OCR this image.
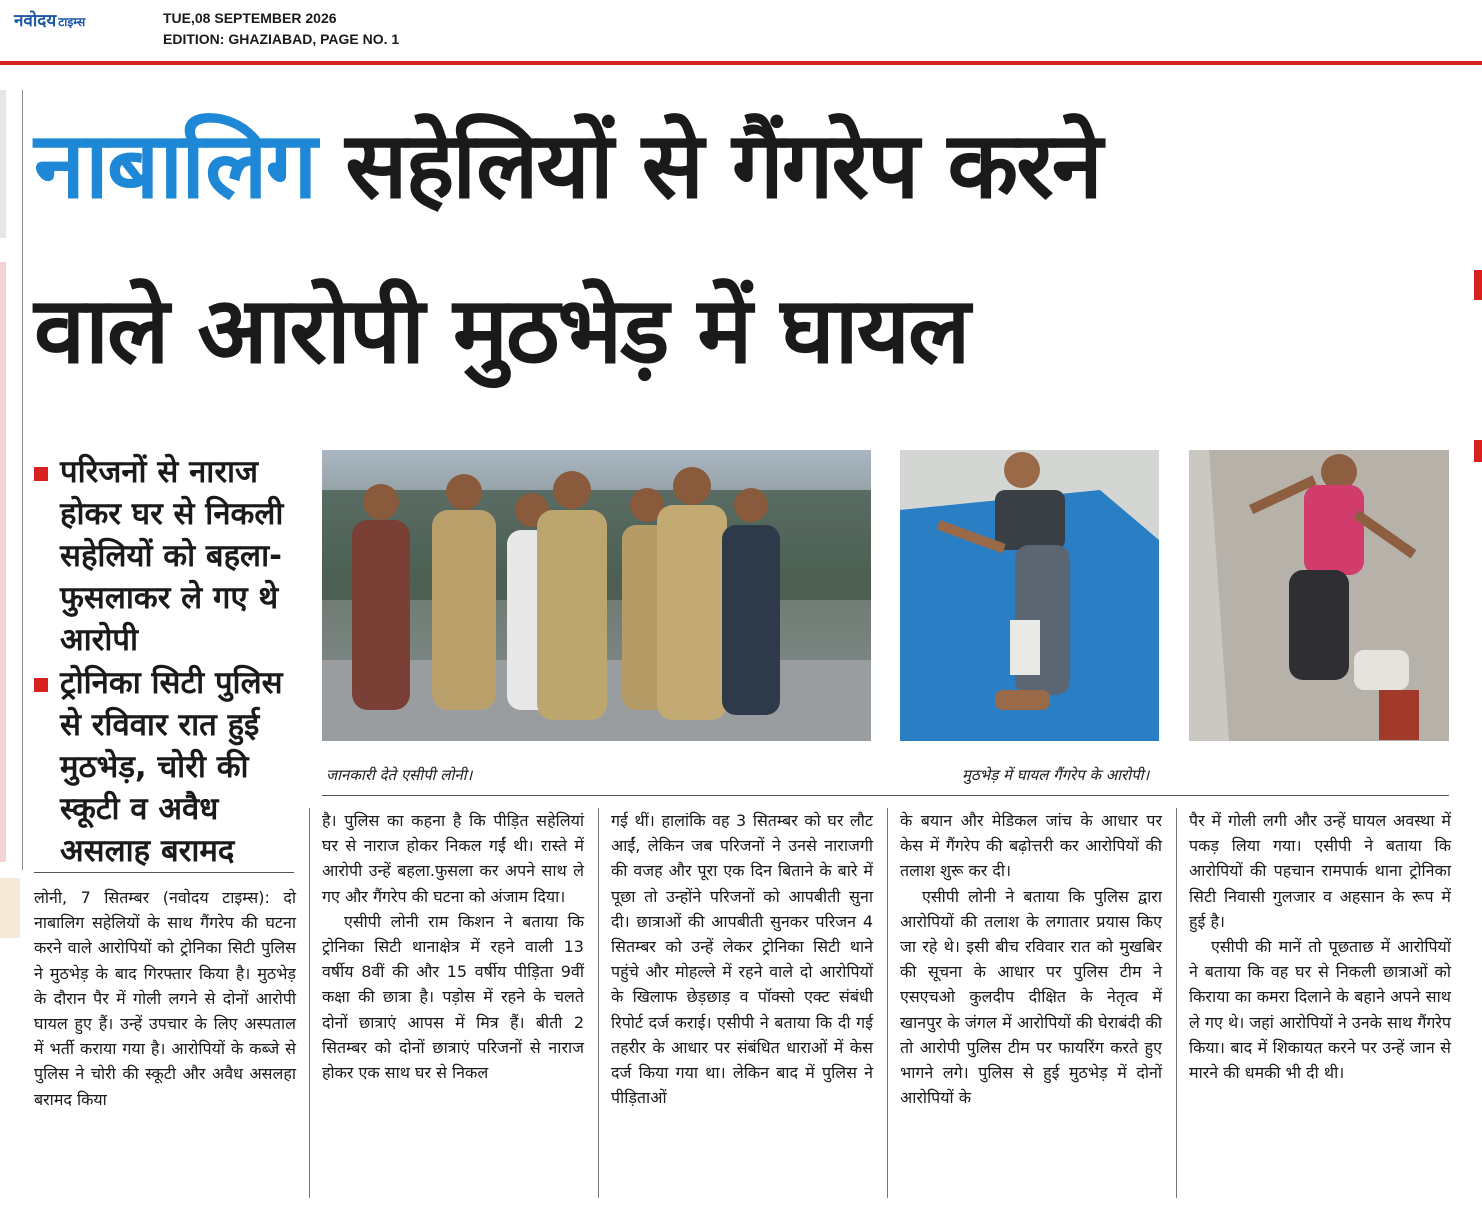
नवोदय टाइम्स	TUE,08 SEPTEMBER 2026
EDITION: GHAZIABAD, PAGE NO. 1
नाबालिग सहेलियों से गैंगरेप करने
वाले आरोपी मुठभेड़ में घायल
परिजनों से नाराज होकर घर से निकली सहेलियों को बहला-फुसलाकर ले गए थे आरोपी
ट्रोनिका सिटी पुलिस से रविवार रात हुई मुठभेड़, चोरी की स्कूटी व अवैध असलाह बरामद
जानकारी देते एसीपी लोनी।	मुठभेड़ में घायल गैंगरेप के आरोपी।

लोनी, 7 सितम्बर (नवोदय टाइम्स): दो नाबालिग सहेलियों के साथ गैंगरेप की घटना करने वाले आरोपियों को ट्रोनिका सिटी पुलिस ने मुठभेड़ के बाद गिरफ्तार किया है। मुठभेड़ के दौरान पैर में गोली लगने से दोनों आरोपी घायल हुए हैं। उन्हें उपचार के लिए अस्पताल में भर्ती कराया गया है। आरोपियों के कब्जे से पुलिस ने चोरी की स्कूटी और अवैध असलहा बरामद किया

है। पुलिस का कहना है कि पीड़ित सहेलियां घर से नाराज होकर निकल गईं थी। रास्ते में आरोपी उन्हें बहला.फुसला कर अपने साथ ले गए और गैंगरेप की घटना को अंजाम दिया।

एसीपी लोनी राम किशन ने बताया कि ट्रोनिका सिटी थानाक्षेत्र में रहने वाली 13 वर्षीय 8वीं की और 15 वर्षीय पीड़िता 9वीं कक्षा की छात्रा है। पड़ोस में रहने के चलते दोनों छात्राएं आपस में मित्र हैं। बीती 2 सितम्बर को दोनों छात्राएं परिजनों से नाराज होकर एक साथ घर से निकल

गई थीं। हालांकि वह 3 सितम्बर को घर लौट आईं, लेकिन जब परिजनों ने उनसे नाराजगी की वजह और पूरा एक दिन बिताने के बारे में पूछा तो उन्होंने परिजनों को आपबीती सुना दी। छात्राओं की आपबीती सुनकर परिजन 4 सितम्बर को उन्हें लेकर ट्रोनिका सिटी थाने पहुंचे और मोहल्ले में रहने वाले दो आरोपियों के खिलाफ छेड़छाड़ व पॉक्सो एक्ट संबंधी रिपोर्ट दर्ज कराई। एसीपी ने बताया कि दी गई तहरीर के आधार पर संबंधित धाराओं में केस दर्ज किया गया था। लेकिन बाद में पुलिस ने पीड़िताओं

के बयान और मेडिकल जांच के आधार पर केस में गैंगरेप की बढ़ोत्तरी कर आरोपियों की तलाश शुरू कर दी।

एसीपी लोनी ने बताया कि पुलिस द्वारा आरोपियों की तलाश के लगातार प्रयास किए जा रहे थे। इसी बीच रविवार रात को मुखबिर की सूचना के आधार पर पुलिस टीम ने एसएचओ कुलदीप दीक्षित के नेतृत्व में खानपुर के जंगल में आरोपियों की घेराबंदी की तो आरोपी पुलिस टीम पर फायरिंग करते हुए भागने लगे। पुलिस से हुई मुठभेड़ में दोनों आरोपियों के

पैर में गोली लगी और उन्हें घायल अवस्था में पकड़ लिया गया। एसीपी ने बताया कि आरोपियों की पहचान रामपार्क थाना ट्रोनिका सिटी निवासी गुलजार व अहसान के रूप में हुई है।

एसीपी की मानें तो पूछताछ में आरोपियों ने बताया कि वह घर से निकली छात्राओं को किराया का कमरा दिलाने के बहाने अपने साथ ले गए थे। जहां आरोपियों ने उनके साथ गैंगरेप किया। बाद में शिकायत करने पर उन्हें जान से मारने की धमकी भी दी थी।
